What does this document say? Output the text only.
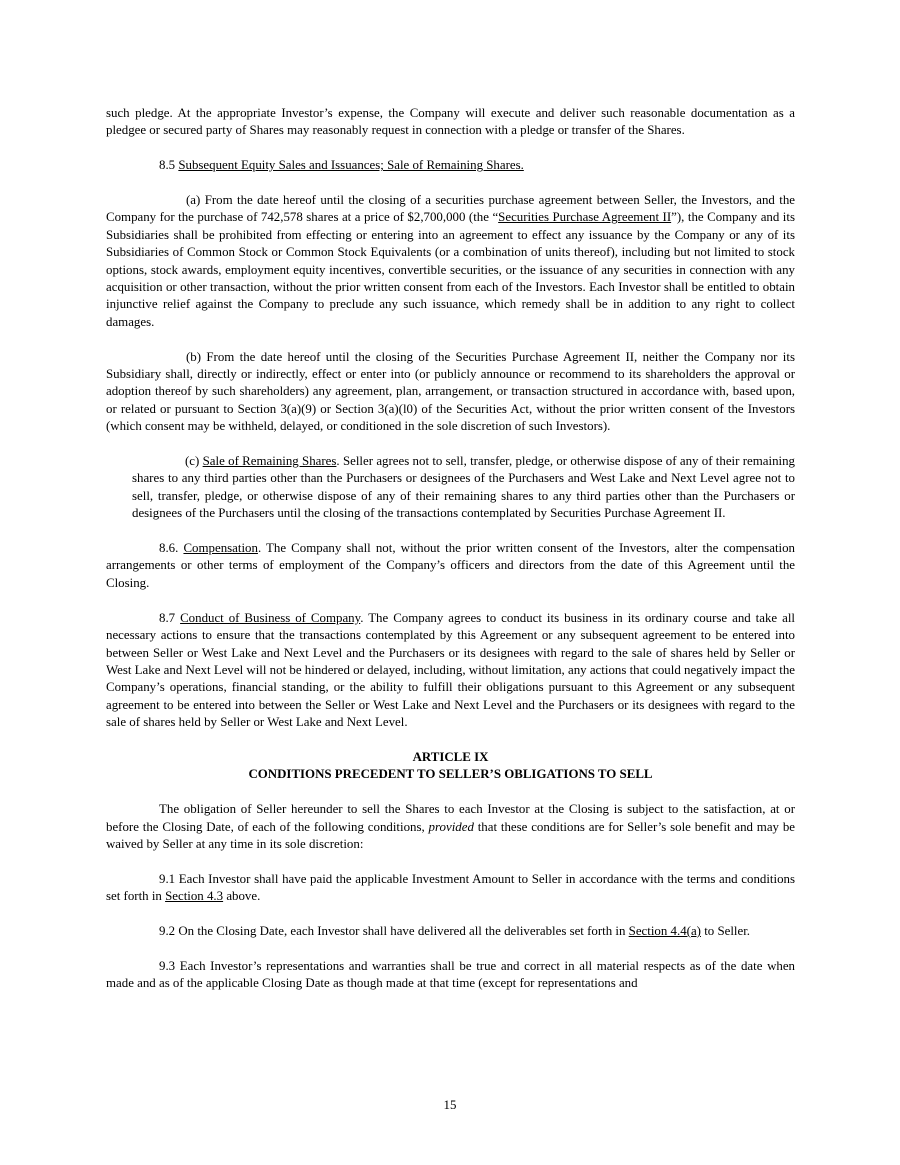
such pledge. At the appropriate Investor’s expense, the Company will execute and deliver such reasonable documentation as a pledgee or secured party of Shares may reasonably request in connection with a pledge or transfer of the Shares.

8.5 Subsequent Equity Sales and Issuances; Sale of Remaining Shares.

(a) From the date hereof until the closing of a securities purchase agreement between Seller, the Investors, and the Company for the purchase of 742,578 shares at a price of $2,700,000 (the “Securities Purchase Agreement II”), the Company and its Subsidiaries shall be prohibited from effecting or entering into an agreement to effect any issuance by the Company or any of its Subsidiaries of Common Stock or Common Stock Equivalents (or a combination of units thereof), including but not limited to stock options, stock awards, employment equity incentives, convertible securities, or the issuance of any securities in connection with any acquisition or other transaction, without the prior written consent from each of the Investors. Each Investor shall be entitled to obtain injunctive relief against the Company to preclude any such issuance, which remedy shall be in addition to any right to collect damages.

(b) From the date hereof until the closing of the Securities Purchase Agreement II, neither the Company nor its Subsidiary shall, directly or indirectly, effect or enter into (or publicly announce or recommend to its shareholders the approval or adoption thereof by such shareholders) any agreement, plan, arrangement, or transaction structured in accordance with, based upon, or related or pursuant to Section 3(a)(9) or Section 3(a)(l0) of the Securities Act, without the prior written consent of the Investors (which consent may be withheld, delayed, or conditioned in the sole discretion of such Investors).

(c) Sale of Remaining Shares. Seller agrees not to sell, transfer, pledge, or otherwise dispose of any of their remaining shares to any third parties other than the Purchasers or designees of the Purchasers and West Lake and Next Level agree not to sell, transfer, pledge, or otherwise dispose of any of their remaining shares to any third parties other than the Purchasers or designees of the Purchasers until the closing of the transactions contemplated by Securities Purchase Agreement II.

8.6. Compensation. The Company shall not, without the prior written consent of the Investors, alter the compensation arrangements or other terms of employment of the Company’s officers and directors from the date of this Agreement until the Closing.

8.7 Conduct of Business of Company. The Company agrees to conduct its business in its ordinary course and take all necessary actions to ensure that the transactions contemplated by this Agreement or any subsequent agreement to be entered into between Seller or West Lake and Next Level and the Purchasers or its designees with regard to the sale of shares held by Seller or West Lake and Next Level will not be hindered or delayed, including, without limitation, any actions that could negatively impact the Company’s operations, financial standing, or the ability to fulfill their obligations pursuant to this Agreement or any subsequent agreement to be entered into between the Seller or West Lake and Next Level and the Purchasers or its designees with regard to the sale of shares held by Seller or West Lake and Next Level.

ARTICLE IX
CONDITIONS PRECEDENT TO SELLER’S OBLIGATIONS TO SELL

The obligation of Seller hereunder to sell the Shares to each Investor at the Closing is subject to the satisfaction, at or before the Closing Date, of each of the following conditions, provided that these conditions are for Seller’s sole benefit and may be waived by Seller at any time in its sole discretion:

9.1 Each Investor shall have paid the applicable Investment Amount to Seller in accordance with the terms and conditions set forth in Section 4.3 above.

9.2 On the Closing Date, each Investor shall have delivered all the deliverables set forth in Section 4.4(a) to Seller.

9.3 Each Investor’s representations and warranties shall be true and correct in all material respects as of the date when made and as of the applicable Closing Date as though made at that time (except for representations and

15
